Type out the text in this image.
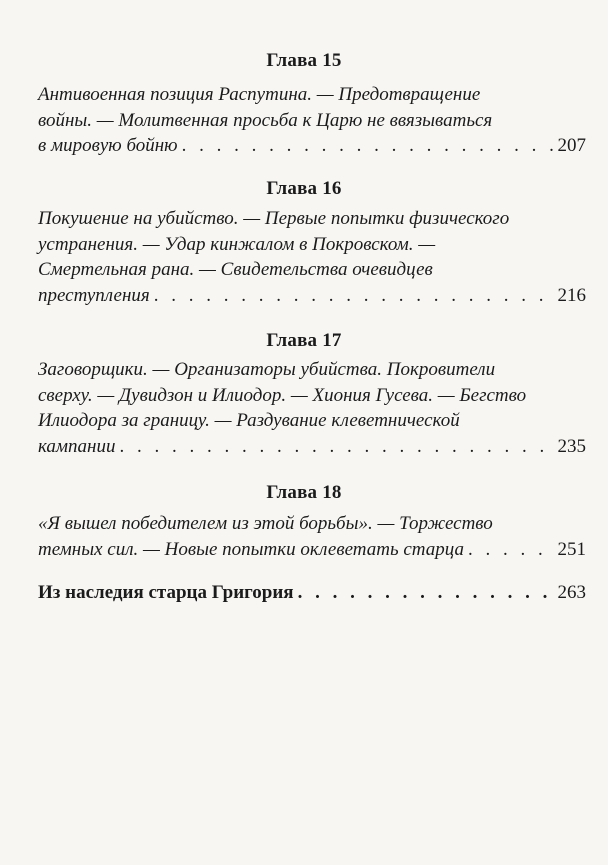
Глава 15
Антивоенная позиция Распутина. — Предотвращение
войны. — Молитвенная просьба к Царю не ввязываться
в мировую бойню . . .	207
Глава 16
Покушение на убийство. — Первые попытки физического
устранения. — Удар кинжалом в Покровском. —
Смертельная рана. — Свидетельства очевидцев
преступления . . .	216
Глава 17
Заговорщики. — Организаторы убийства. Покровители
сверху. — Дувидзон и Илиодор. — Хиония Гусева. — Бегство
Илиодора за границу. — Раздувание клеветнической
кампании . . .	235
Глава 18
«Я вышел победителем из этой борьбы». — Торжество
темных сил. — Новые попытки оклеветать старца . . .	251
Из наследия старца Григория . . .	263
